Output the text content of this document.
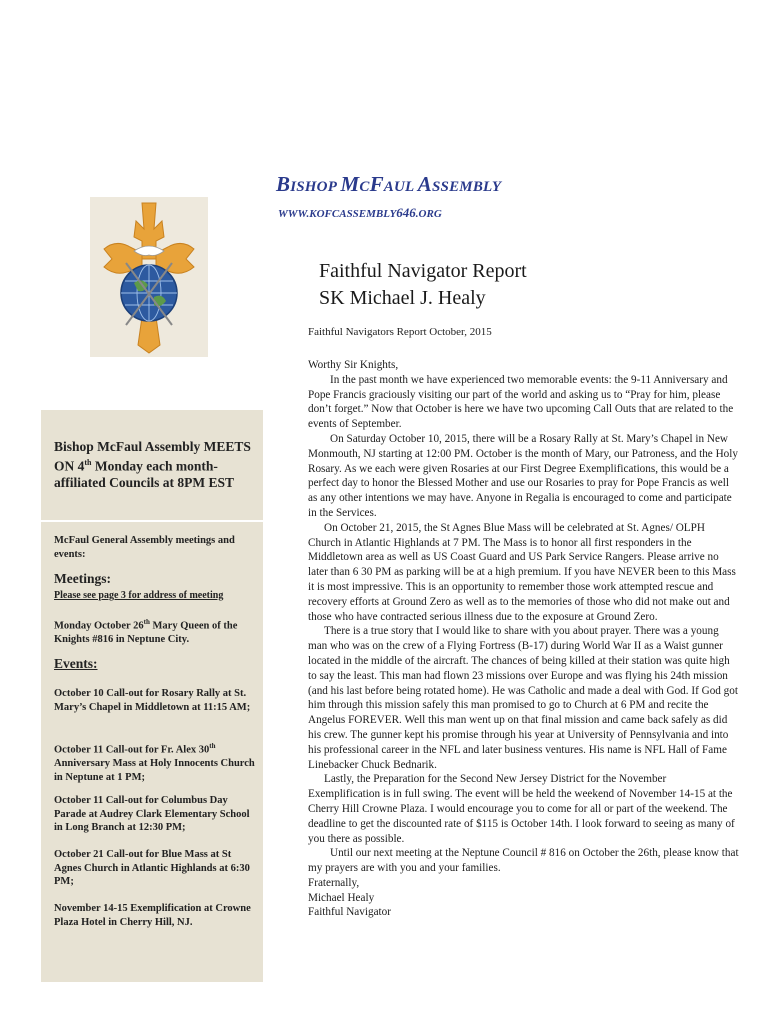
BISHOP MCFAUL ASSEMBLY
WWW.KOFCASSEMBLY646.ORG
Bishop McFaul Assembly MEETS ON 4th Monday each month- affiliated Councils at 8PM EST
McFaul General Assembly meetings and events:
Meetings:
Please see page 3 for address of meeting
Monday October 26th Mary Queen of the Knights #816 in Neptune City.
Events:
October 10 Call-out for Rosary Rally at St. Mary’s Chapel in Middletown at 11:15 AM;
October 11 Call-out for Fr. Alex 30th Anniversary Mass at Holy Innocents Church in Neptune at 1 PM;
October 11 Call-out for Columbus Day Parade at Audrey Clark Elementary School in Long Branch at 12:30 PM;
October 21 Call-out for Blue Mass at St Agnes Church in Atlantic Highlands at 6:30 PM;
November 14-15 Exemplification at Crowne Plaza Hotel in Cherry Hill, NJ.
Faithful Navigator Report
SK Michael J. Healy
Faithful Navigators Report October, 2015

Worthy Sir Knights,

In the past month we have experienced two memorable events: the 9-11 Anniversary and Pope Francis graciously visiting our part of the world and asking us to “Pray for him, please don’t forget.” Now that October is here we have two upcoming Call Outs that are related to the events of September.

On Saturday October 10, 2015, there will be a Rosary Rally at St. Mary’s Chapel in New Monmouth, NJ starting at 12:00 PM. October is the month of Mary, our Patroness, and the Holy Rosary. As we each were given Rosaries at our First Degree Exemplifications, this would be a perfect day to honor the Blessed Mother and use our Rosaries to pray for Pope Francis as well as any other intentions we may have. Anyone in Regalia is encouraged to come and participate in the Services.

On October 21, 2015, the St Agnes Blue Mass will be celebrated at St. Agnes/ OLPH Church in Atlantic Highlands at 7 PM. The Mass is to honor all first responders in the Middletown area as well as US Coast Guard and US Park Service Rangers. Please arrive no later than 6 30 PM as parking will be at a high premium. If you have NEVER been to this Mass it is most impressive. This is an opportunity to remember those work attempted rescue and recovery efforts at Ground Zero as well as to the memories of those who did not make out and those who have contracted serious illness due to the exposure at Ground Zero.

There is a true story that I would like to share with you about prayer. There was a young man who was on the crew of a Flying Fortress (B-17) during World War II as a Waist gunner located in the middle of the aircraft. The chances of being killed at their station was quite high to say the least. This man had flown 23 missions over Europe and was flying his 24th mission (and his last before being rotated home). He was Catholic and made a deal with God. If God got him through this mission safely this man promised to go to Church at 6 PM and recite the Angelus FOREVER. Well this man went up on that final mission and came back safely as did his crew. The gunner kept his promise through his year at University of Pennsylvania and into his professional career in the NFL and later business ventures. His name is NFL Hall of Fame Linebacker Chuck Bednarik.

Lastly, the Preparation for the Second New Jersey District for the November Exemplification is in full swing. The event will be held the weekend of November 14-15 at the Cherry Hill Crowne Plaza. I would encourage you to come for all or part of the weekend. The deadline to get the discounted rate of $115 is October 14th. I look forward to seeing as many of you there as possible.

Until our next meeting at the Neptune Council # 816 on October the 26th, please know that my prayers are with you and your families.

Fraternally,

Michael Healy

Faithful Navigator
